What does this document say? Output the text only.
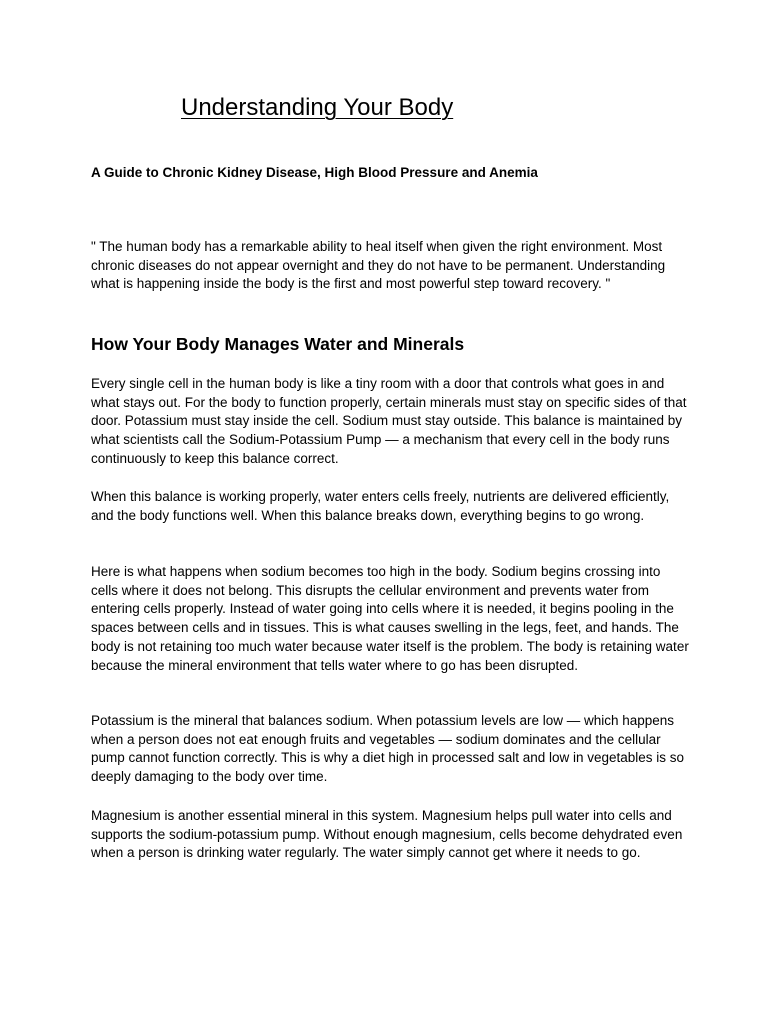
Understanding Your Body

A Guide to Chronic Kidney Disease, High Blood Pressure and Anemia

" The human body has a remarkable ability to heal itself when given the right environment. Most chronic diseases do not appear overnight and they do not have to be permanent. Understanding what is happening inside the body is the first and most powerful step toward recovery. "

How Your Body Manages Water and Minerals

Every single cell in the human body is like a tiny room with a door that controls what goes in and what stays out. For the body to function properly, certain minerals must stay on specific sides of that door. Potassium must stay inside the cell. Sodium must stay outside. This balance is maintained by what scientists call the Sodium-Potassium Pump — a mechanism that every cell in the body runs continuously to keep this balance correct.

When this balance is working properly, water enters cells freely, nutrients are delivered efficiently, and the body functions well. When this balance breaks down, everything begins to go wrong.

Here is what happens when sodium becomes too high in the body. Sodium begins crossing into cells where it does not belong. This disrupts the cellular environment and prevents water from entering cells properly. Instead of water going into cells where it is needed, it begins pooling in the spaces between cells and in tissues. This is what causes swelling in the legs, feet, and hands. The body is not retaining too much water because water itself is the problem. The body is retaining water because the mineral environment that tells water where to go has been disrupted.

Potassium is the mineral that balances sodium. When potassium levels are low — which happens when a person does not eat enough fruits and vegetables — sodium dominates and the cellular pump cannot function correctly. This is why a diet high in processed salt and low in vegetables is so deeply damaging to the body over time.

Magnesium is another essential mineral in this system. Magnesium helps pull water into cells and supports the sodium-potassium pump. Without enough magnesium, cells become dehydrated even when a person is drinking water regularly. The water simply cannot get where it needs to go.
